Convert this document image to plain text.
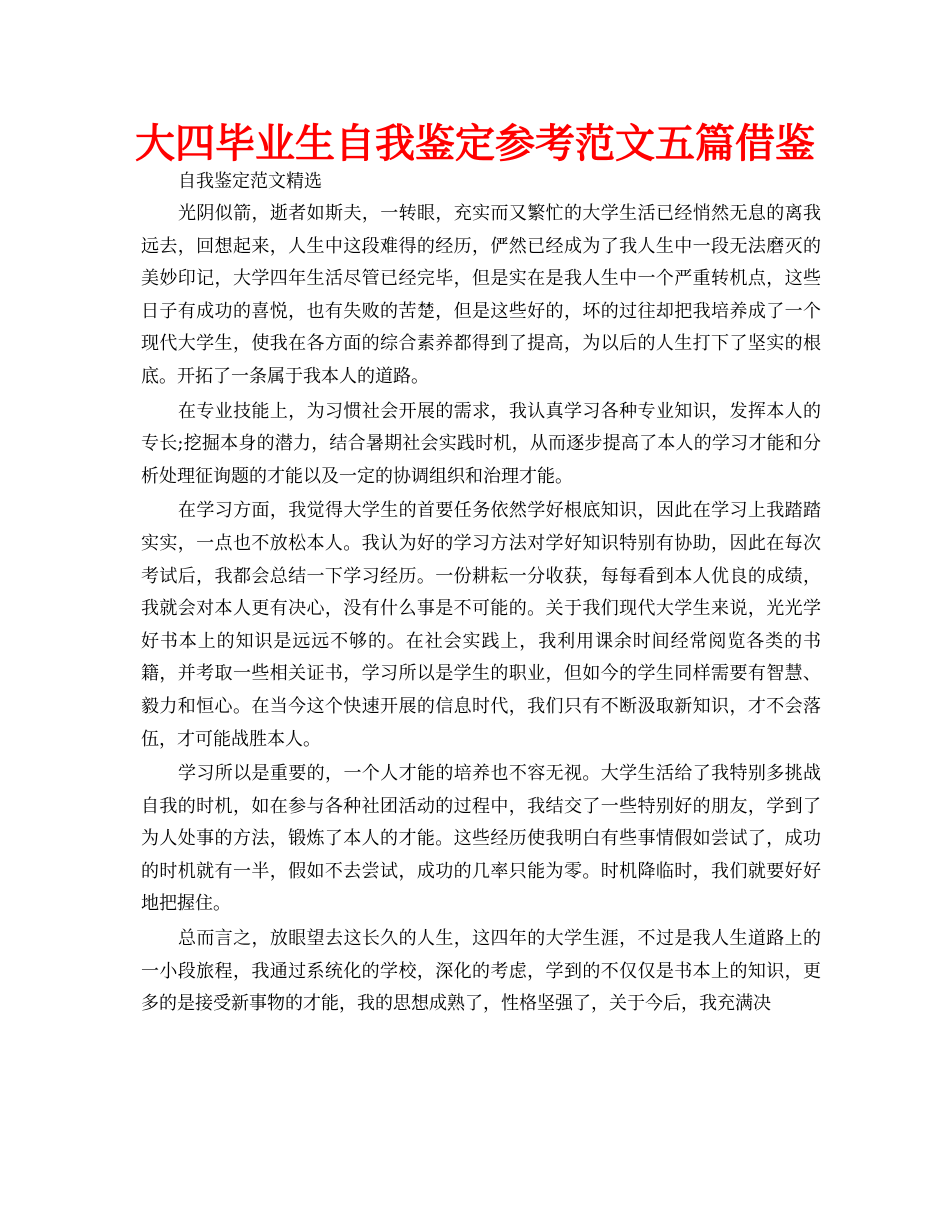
大四毕业生自我鉴定参考范文五篇借鉴
自我鉴定范文精选

光阴似箭，逝者如斯夫，一转眼，充实而又繁忙的大学生活已经悄然无息的离我远去，回想起来，人生中这段难得的经历，俨然已经成为了我人生中一段无法磨灭的美妙印记，大学四年生活尽管已经完毕，但是实在是我人生中一个严重转机点，这些日子有成功的喜悦，也有失败的苦楚，但是这些好的，坏的过往却把我培养成了一个现代大学生，使我在各方面的综合素养都得到了提高，为以后的人生打下了坚实的根底。开拓了一条属于我本人的道路。

在专业技能上，为习惯社会开展的需求，我认真学习各种专业知识，发挥本人的专长;挖掘本身的潜力，结合暑期社会实践时机，从而逐步提高了本人的学习才能和分析处理征询题的才能以及一定的协调组织和治理才能。

在学习方面，我觉得大学生的首要任务依然学好根底知识，因此在学习上我踏踏实实，一点也不放松本人。我认为好的学习方法对学好知识特别有协助，因此在每次考试后，我都会总结一下学习经历。一份耕耘一分收获，每每看到本人优良的成绩，我就会对本人更有决心，没有什么事是不可能的。关于我们现代大学生来说，光光学好书本上的知识是远远不够的。在社会实践上，我利用课余时间经常阅览各类的书籍，并考取一些相关证书，学习所以是学生的职业，但如今的学生同样需要有智慧、毅力和恒心。在当今这个快速开展的信息时代，我们只有不断汲取新知识，才不会落伍，才可能战胜本人。

学习所以是重要的，一个人才能的培养也不容无视。大学生活给了我特别多挑战自我的时机，如在参与各种社团活动的过程中，我结交了一些特别好的朋友，学到了为人处事的方法，锻炼了本人的才能。这些经历使我明白有些事情假如尝试了，成功的时机就有一半，假如不去尝试，成功的几率只能为零。时机降临时，我们就要好好地把握住。

总而言之，放眼望去这长久的人生，这四年的大学生涯，不过是我人生道路上的一小段旅程，我通过系统化的学校，深化的考虑，学到的不仅仅是书本上的知识，更多的是接受新事物的才能，我的思想成熟了，性格坚强了，关于今后，我充满决
